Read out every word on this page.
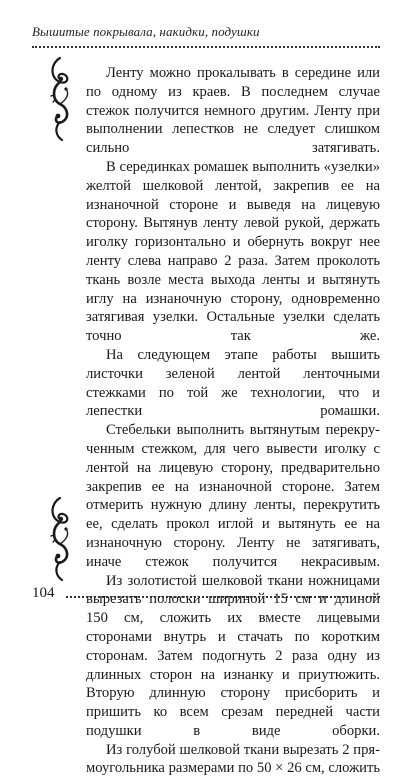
Вышитые покрывала, накидки, подушки

Ленту можно прокалывать в середине или по одному из краев. В последнем случае стежок получится немного другим. Ленту при выполнении лепестков не следует слишком сильно затягивать.

В серединках ромашек выполнить «узелки» желтой шелковой лентой, закрепив ее на изнаночной стороне и выведя на лицевую сторону. Вытянув ленту левой рукой, держать иголку горизонтально и обернуть вокруг нее ленту слева направо 2 раза. Затем проколоть ткань возле места выхода ленты и вытянуть иглу на изнаночную сторону, одновременно затягивая узелки. Остальные узелки сделать точно так же.

На следующем этапе работы вышить листочки зеленой лентой ленточными стежками по той же технологии, что и лепестки ромашки.

Стебельки выполнить вытянутым перекрученным стежком, для чего вывести иголку с лентой на лицевую сторону, предварительно закрепив ее на изнаночной стороне. Затем отмерить нужную длину ленты, перекрутить ее, сделать прокол иглой и вытянуть ее на изнаночную сторону. Ленту не затягивать, иначе стежок получится некрасивым.

Из золотистой шелковой ткани ножницами вырезать полоски шириной 15 см и длиной 150 см, сложить их вместе лицевыми сторонами внутрь и стачать по коротким сторонам. Затем подогнуть 2 раза одну из длинных сторон на изнанку и приутюжить. Вторую длинную сторону присборить и пришить ко всем срезам передней части подушки в виде оборки.

Из голубой шелковой ткани вырезать 2 прямоугольника размерами по 50 × 26 см, сложить

104
